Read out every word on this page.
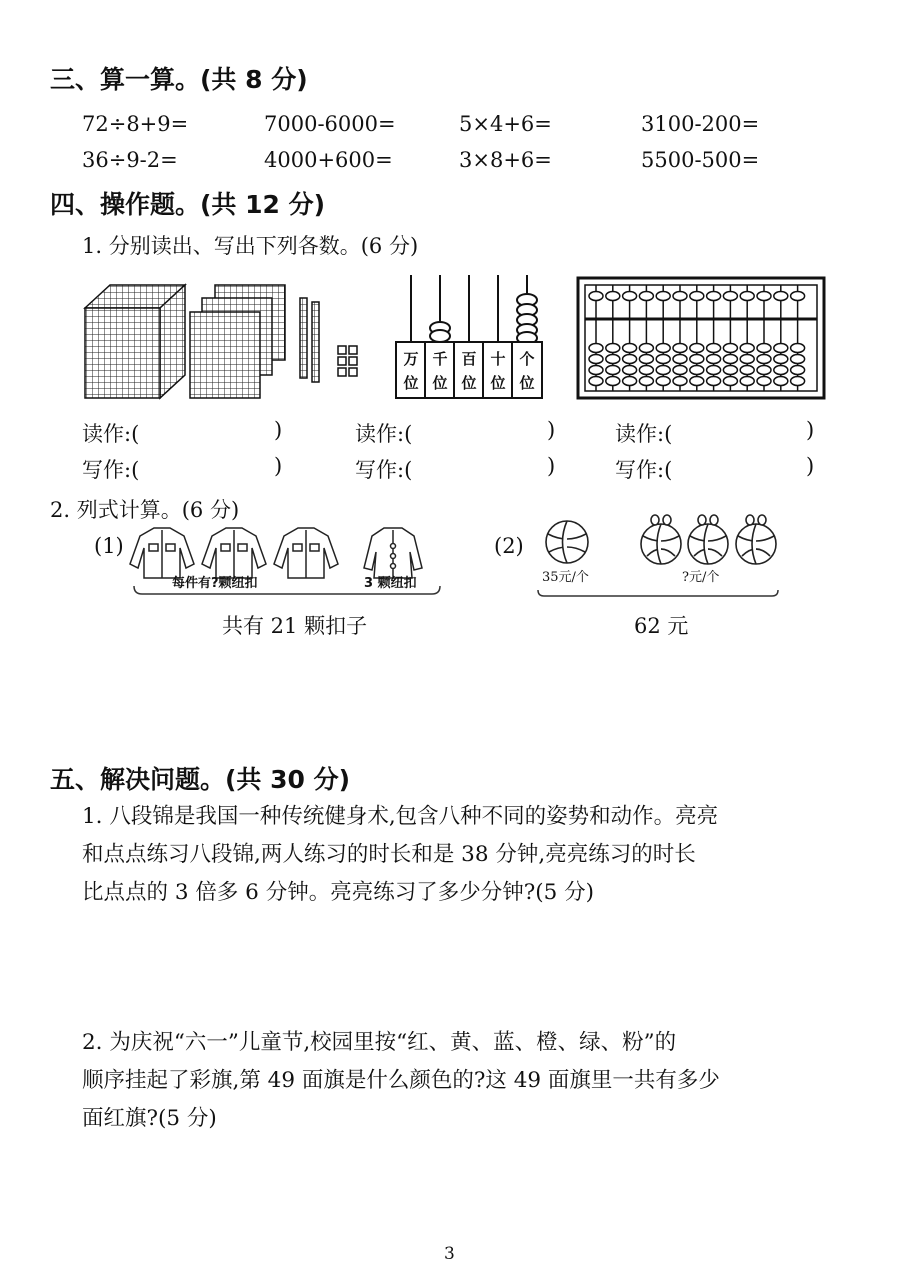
三、算一算。(共 8 分)
72÷8+9=	7000-6000=	5×4+6=	3100-200=
36÷9-2=	4000+600=	3×8+6=	5500-500=
四、操作题。(共 12 分)
1. 分别读出、写出下列各数。(6 分)
万
位
千
位
百
位
十
位
个
位
读作:(	)	读作:(	)	读作:(	)
写作:(	)	写作:(	)	写作:(	)
2. 列式计算。(6 分)
(1)
每件有?颗纽扣	3 颗纽扣
共有 21 颗扣子
(2)
35元/个	?元/个
62 元
五、解决问题。(共 30 分)
1. 八段锦是我国一种传统健身术,包含八种不同的姿势和动作。亮亮
和点点练习八段锦,两人练习的时长和是 38 分钟,亮亮练习的时长
比点点的 3 倍多 6 分钟。亮亮练习了多少分钟?(5 分)
2. 为庆祝“六一”儿童节,校园里按“红、黄、蓝、橙、绿、粉”的
顺序挂起了彩旗,第 49 面旗是什么颜色的?这 49 面旗里一共有多少
面红旗?(5 分)
3
